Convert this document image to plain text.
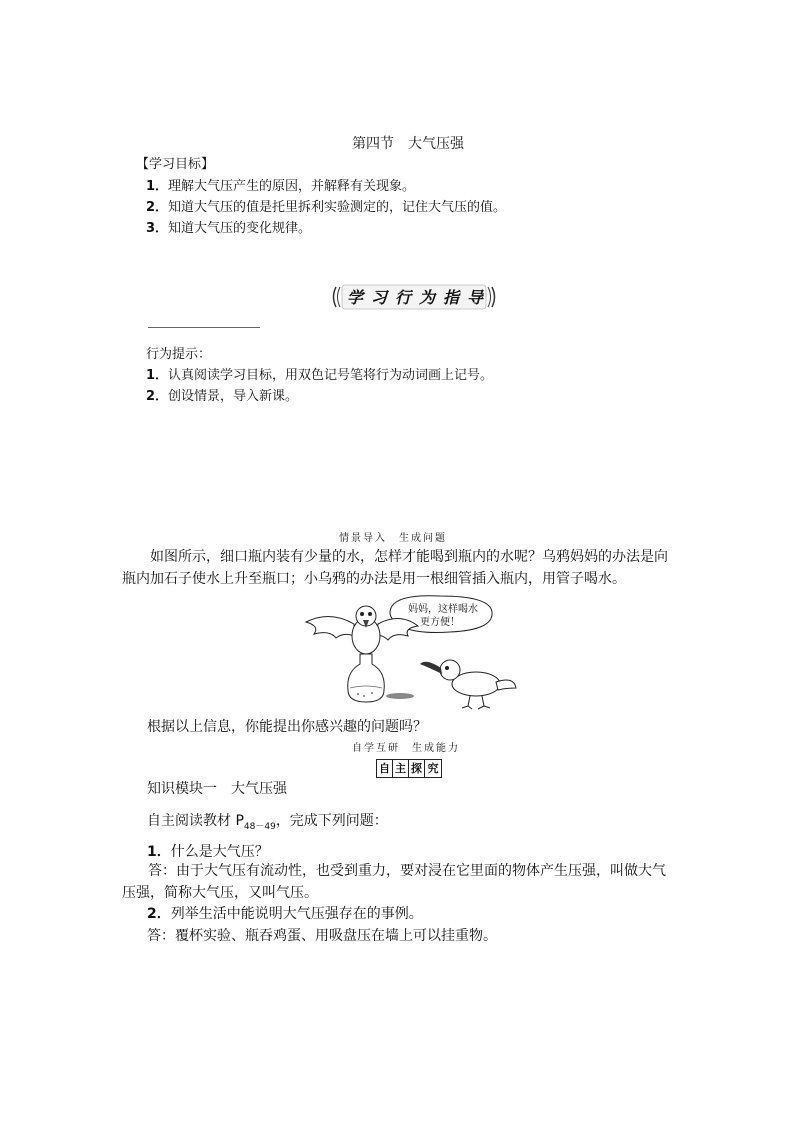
第四节　大气压强
【学习目标】
1．理解大气压产生的原因，并解释有关现象。
2．知道大气压的值是托里拆利实验测定的，记住大气压的值。
3．知道大气压的变化规律。
学 习 行 为 指 导
行为提示：
1．认真阅读学习目标，用双色记号笔将行为动词画上记号。
2．创设情景，导入新课。
情景导入　生成问题
如图所示，细口瓶内装有少量的水，怎样才能喝到瓶内的水呢？乌鸦妈妈的办法是向瓶内加石子使水上升至瓶口；小乌鸦的办法是用一根细管插入瓶内，用管子喝水。
妈妈，这样喝水
更方便！
根据以上信息，你能提出你感兴趣的问题吗？
自学互研　生成能力
自 主 探 究
知识模块一　大气压强
自主阅读教材 $P_{48-49}$，完成下列问题：
1．什么是大气压？
答：由于大气压有流动性，也受到重力，要对浸在它里面的物体产生压强，叫做大气压强，简称大气压，又叫气压。
2．列举生活中能说明大气压强存在的事例。
答：覆杯实验、瓶吞鸡蛋、用吸盘压在墙上可以挂重物。
